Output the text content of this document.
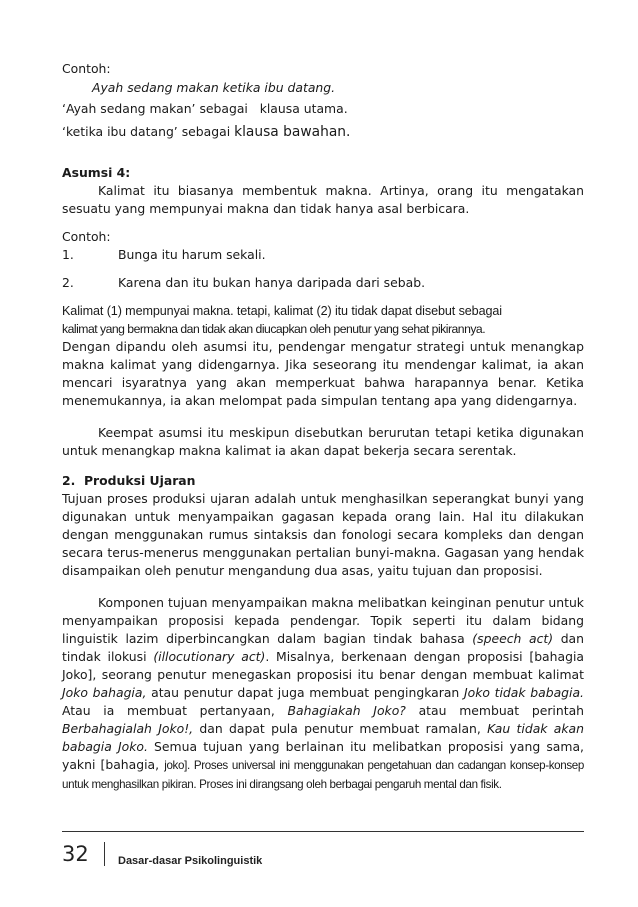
Contoh:

Ayah sedang makan ketika ibu datang.

‘Ayah sedang makan’ sebagai   klausa utama.

‘ketika ibu datang’ sebagai klausa bawahan.

Asumsi 4:

Kalimat itu biasanya membentuk makna. Artinya, orang itu mengatakan sesuatu yang mempunyai makna dan tidak hanya asal berbicara.

Contoh:

1.	Bunga itu harum sekali.
2.	Karena dan itu bukan hanya daripada dari sebab.

Kalimat (1) mempunyai makna. tetapi, kalimat (2) itu tidak dapat disebut sebagai

kalimat yang bermakna dan tidak akan diucapkan oleh penutur yang sehat pikirannya.

Dengan dipandu oleh asumsi itu, pendengar mengatur strategi untuk menangkap makna kalimat yang didengarnya. Jika seseorang itu mendengar kalimat, ia akan mencari isyaratnya yang akan memperkuat bahwa harapannya benar. Ketika menemukannya, ia akan melompat pada simpulan tentang apa yang didengarnya.

Keempat asumsi itu meskipun disebutkan berurutan tetapi ketika digunakan untuk menangkap makna kalimat ia akan dapat bekerja secara serentak.

2.  Produksi Ujaran

Tujuan proses produksi ujaran adalah untuk menghasilkan seperangkat bunyi yang digunakan untuk menyampaikan gagasan kepada orang lain. Hal itu dilakukan dengan menggunakan rumus sintaksis dan fonologi secara kompleks dan dengan secara terus-menerus menggunakan pertalian bunyi-makna. Gagasan yang hendak disampaikan oleh penutur mengandung dua asas, yaitu tujuan dan proposisi.

Komponen tujuan menyampaikan makna melibatkan keinginan penutur untuk menyampaikan proposisi kepada pendengar. Topik seperti itu dalam bidang linguistik lazim diperbincangkan dalam bagian tindak bahasa (speech act) dan tindak ilokusi (illocutionary act). Misalnya, berkenaan dengan proposisi [bahagia Joko], seorang penutur menegaskan proposisi itu benar dengan membuat kalimat Joko bahagia, atau penutur dapat juga membuat pengingkaran Joko tidak babagia. Atau ia membuat pertanyaan, Bahagiakah Joko? atau membuat perintah Berbahagialah Joko!, dan dapat pula penutur membuat ramalan, Kau tidak akan babagia Joko. Semua tujuan yang berlainan itu melibatkan proposisi yang sama, yakni [bahagia, joko]. Proses universal ini menggunakan pengetahuan dan cadangan konsep-konsep untuk menghasilkan pikiran. Proses ini dirangsang oleh berbagai pengaruh mental dan fisik.

32	Dasar-dasar Psikolinguistik
